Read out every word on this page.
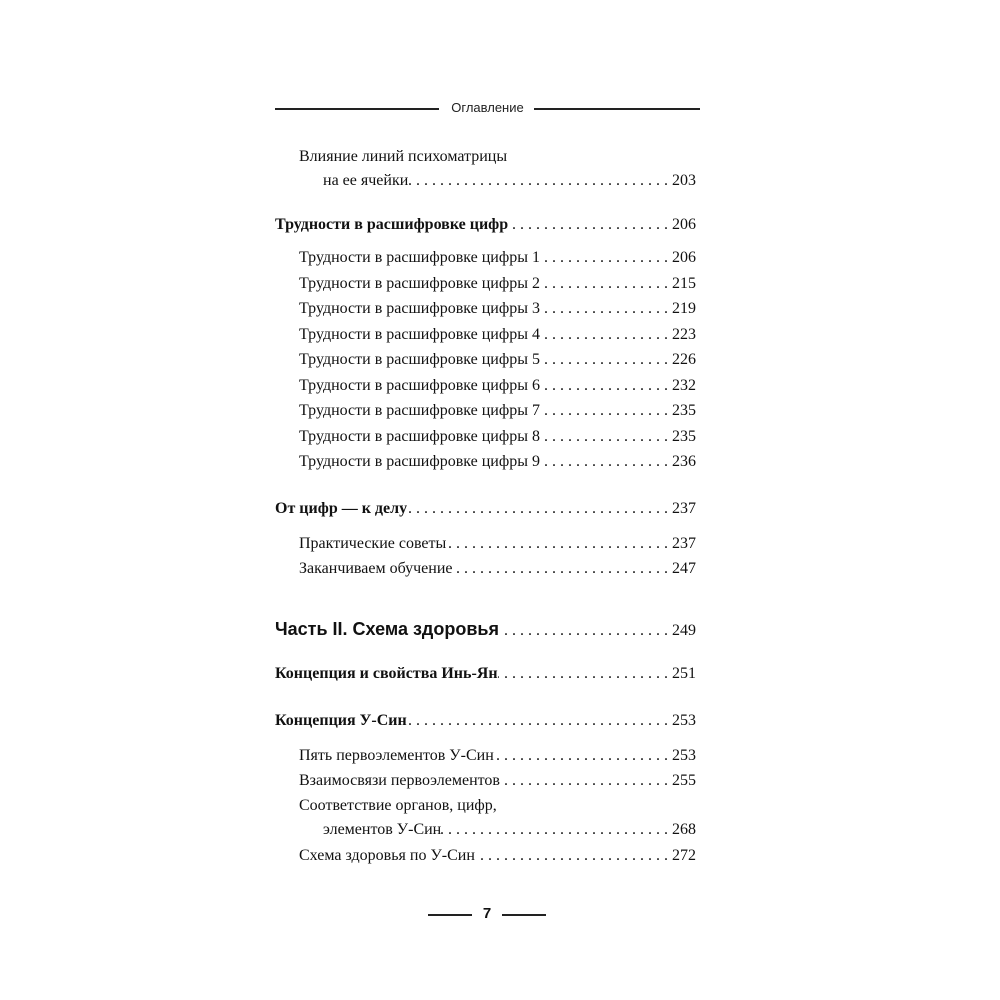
Оглавление
Влияние линий психоматрицы
на ее ячейки . . .	203
Трудности в расшифровке цифр . . .	206
Трудности в расшифровке цифры 1 . . .	206
Трудности в расшифровке цифры 2 . . .	215
Трудности в расшифровке цифры 3 . . .	219
Трудности в расшифровке цифры 4 . . .	223
Трудности в расшифровке цифры 5 . . .	226
Трудности в расшифровке цифры 6 . . .	232
Трудности в расшифровке цифры 7 . . .	235
Трудности в расшифровке цифры 8 . . .	235
Трудности в расшифровке цифры 9 . . .	236
От цифр — к делу . . .	237
Практические советы . . .	237
Заканчиваем обучение . . .	247
Часть II. Схема здоровья . . .	249
Концепция и свойства Инь-Ян . . .	251
Концепция У-Син . . .	253
Пять первоэлементов У-Син . . .	253
Взаимосвязи первоэлементов . . .	255
Соответствие органов, цифр,
элементов У-Син . . .	268
Схема здоровья по У-Син . . .	272
7
